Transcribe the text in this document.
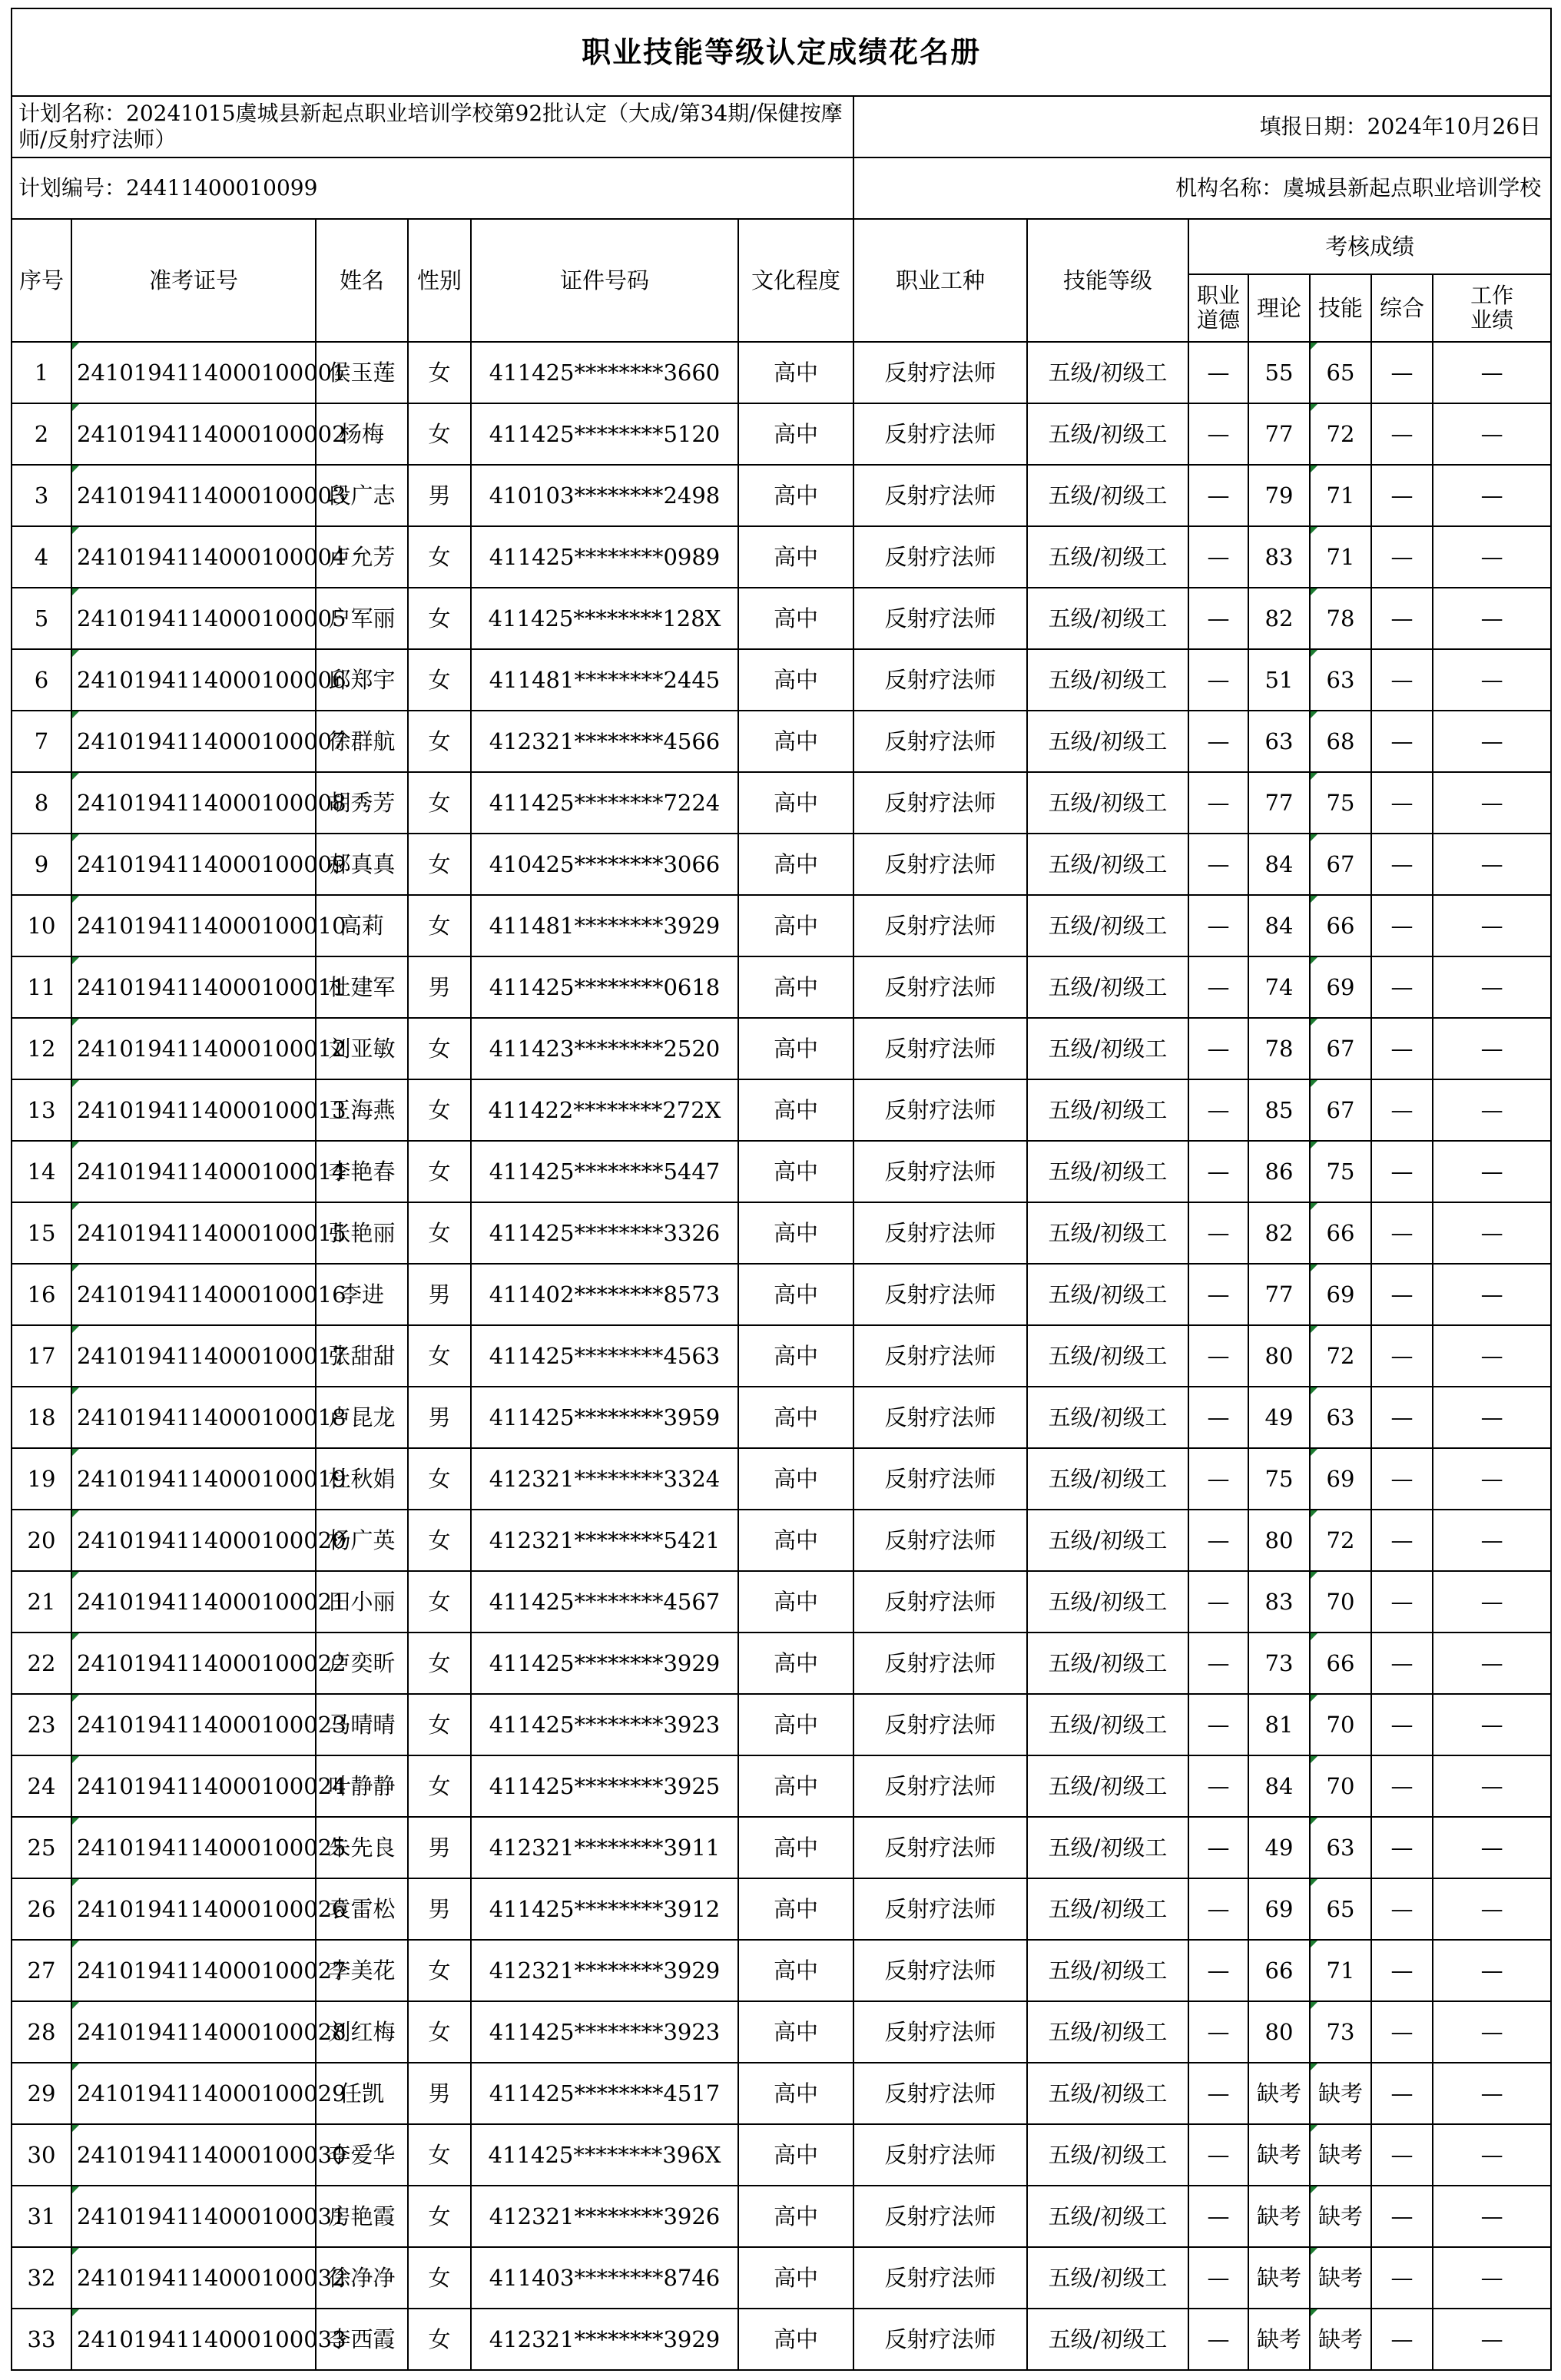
职业技能等级认定成绩花名册												
计划名称：20241015虞城县新起点职业培训学校第92批认定（大成/第34期/保健按摩师/反射疗法师）						填报日期：2024年10月26日						
计划编号：24411400010099						机构名称：虞城县新起点职业培训学校						
序号	准考证号	姓名	性别	证件号码	文化程度	职业工种	技能等级	考核成绩				
								职业道德	理论	技能	综合	工作业绩
1	2410194114000100001	侯玉莲	女	411425********3660	高中	反射疗法师	五级/初级工	—	55	65	—	—
2	2410194114000100002	杨梅	女	411425********5120	高中	反射疗法师	五级/初级工	—	77	72	—	—
3	2410194114000100003	段广志	男	410103********2498	高中	反射疗法师	五级/初级工	—	79	71	—	—
4	2410194114000100004	卢允芳	女	411425********0989	高中	反射疗法师	五级/初级工	—	83	71	—	—
5	2410194114000100005	户军丽	女	411425********128X	高中	反射疗法师	五级/初级工	—	82	78	—	—
6	2410194114000100006	邱郑宇	女	411481********2445	高中	反射疗法师	五级/初级工	—	51	63	—	—
7	2410194114000100007	徐群航	女	412321********4566	高中	反射疗法师	五级/初级工	—	63	68	—	—
8	2410194114000100008	胡秀芳	女	411425********7224	高中	反射疗法师	五级/初级工	—	77	75	—	—
9	2410194114000100009	郝真真	女	410425********3066	高中	反射疗法师	五级/初级工	—	84	67	—	—
10	2410194114000100010	高莉	女	411481********3929	高中	反射疗法师	五级/初级工	—	84	66	—	—
11	2410194114000100011	杜建军	男	411425********0618	高中	反射疗法师	五级/初级工	—	74	69	—	—
12	2410194114000100012	刘亚敏	女	411423********2520	高中	反射疗法师	五级/初级工	—	78	67	—	—
13	2410194114000100013	王海燕	女	411422********272X	高中	反射疗法师	五级/初级工	—	85	67	—	—
14	2410194114000100014	李艳春	女	411425********5447	高中	反射疗法师	五级/初级工	—	86	75	—	—
15	2410194114000100015	张艳丽	女	411425********3326	高中	反射疗法师	五级/初级工	—	82	66	—	—
16	2410194114000100016	李进	男	411402********8573	高中	反射疗法师	五级/初级工	—	77	69	—	—
17	2410194114000100017	张甜甜	女	411425********4563	高中	反射疗法师	五级/初级工	—	80	72	—	—
18	2410194114000100018	卢昆龙	男	411425********3959	高中	反射疗法师	五级/初级工	—	49	63	—	—
19	2410194114000100019	杜秋娟	女	412321********3324	高中	反射疗法师	五级/初级工	—	75	69	—	—
20	2410194114000100020	杨广英	女	412321********5421	高中	反射疗法师	五级/初级工	—	80	72	—	—
21	2410194114000100021	田小丽	女	411425********4567	高中	反射疗法师	五级/初级工	—	83	70	—	—
22	2410194114000100022	卢奕昕	女	411425********3929	高中	反射疗法师	五级/初级工	—	73	66	—	—
23	2410194114000100023	马晴晴	女	411425********3923	高中	反射疗法师	五级/初级工	—	81	70	—	—
24	2410194114000100024	叶静静	女	411425********3925	高中	反射疗法师	五级/初级工	—	84	70	—	—
25	2410194114000100025	朱先良	男	412321********3911	高中	反射疗法师	五级/初级工	—	49	63	—	—
26	2410194114000100026	袁雷松	男	411425********3912	高中	反射疗法师	五级/初级工	—	69	65	—	—
27	2410194114000100027	李美花	女	412321********3929	高中	反射疗法师	五级/初级工	—	66	71	—	—
28	2410194114000100028	刘红梅	女	411425********3923	高中	反射疗法师	五级/初级工	—	80	73	—	—
29	2410194114000100029	任凯	男	411425********4517	高中	反射疗法师	五级/初级工	—	缺考	缺考	—	—
30	2410194114000100030	李爱华	女	411425********396X	高中	反射疗法师	五级/初级工	—	缺考	缺考	—	—
31	2410194114000100031	房艳霞	女	412321********3926	高中	反射疗法师	五级/初级工	—	缺考	缺考	—	—
32	2410194114000100032	徐净净	女	411403********8746	高中	反射疗法师	五级/初级工	—	缺考	缺考	—	—
33	2410194114000100033	李西霞	女	412321********3929	高中	反射疗法师	五级/初级工	—	缺考	缺考	—	—
